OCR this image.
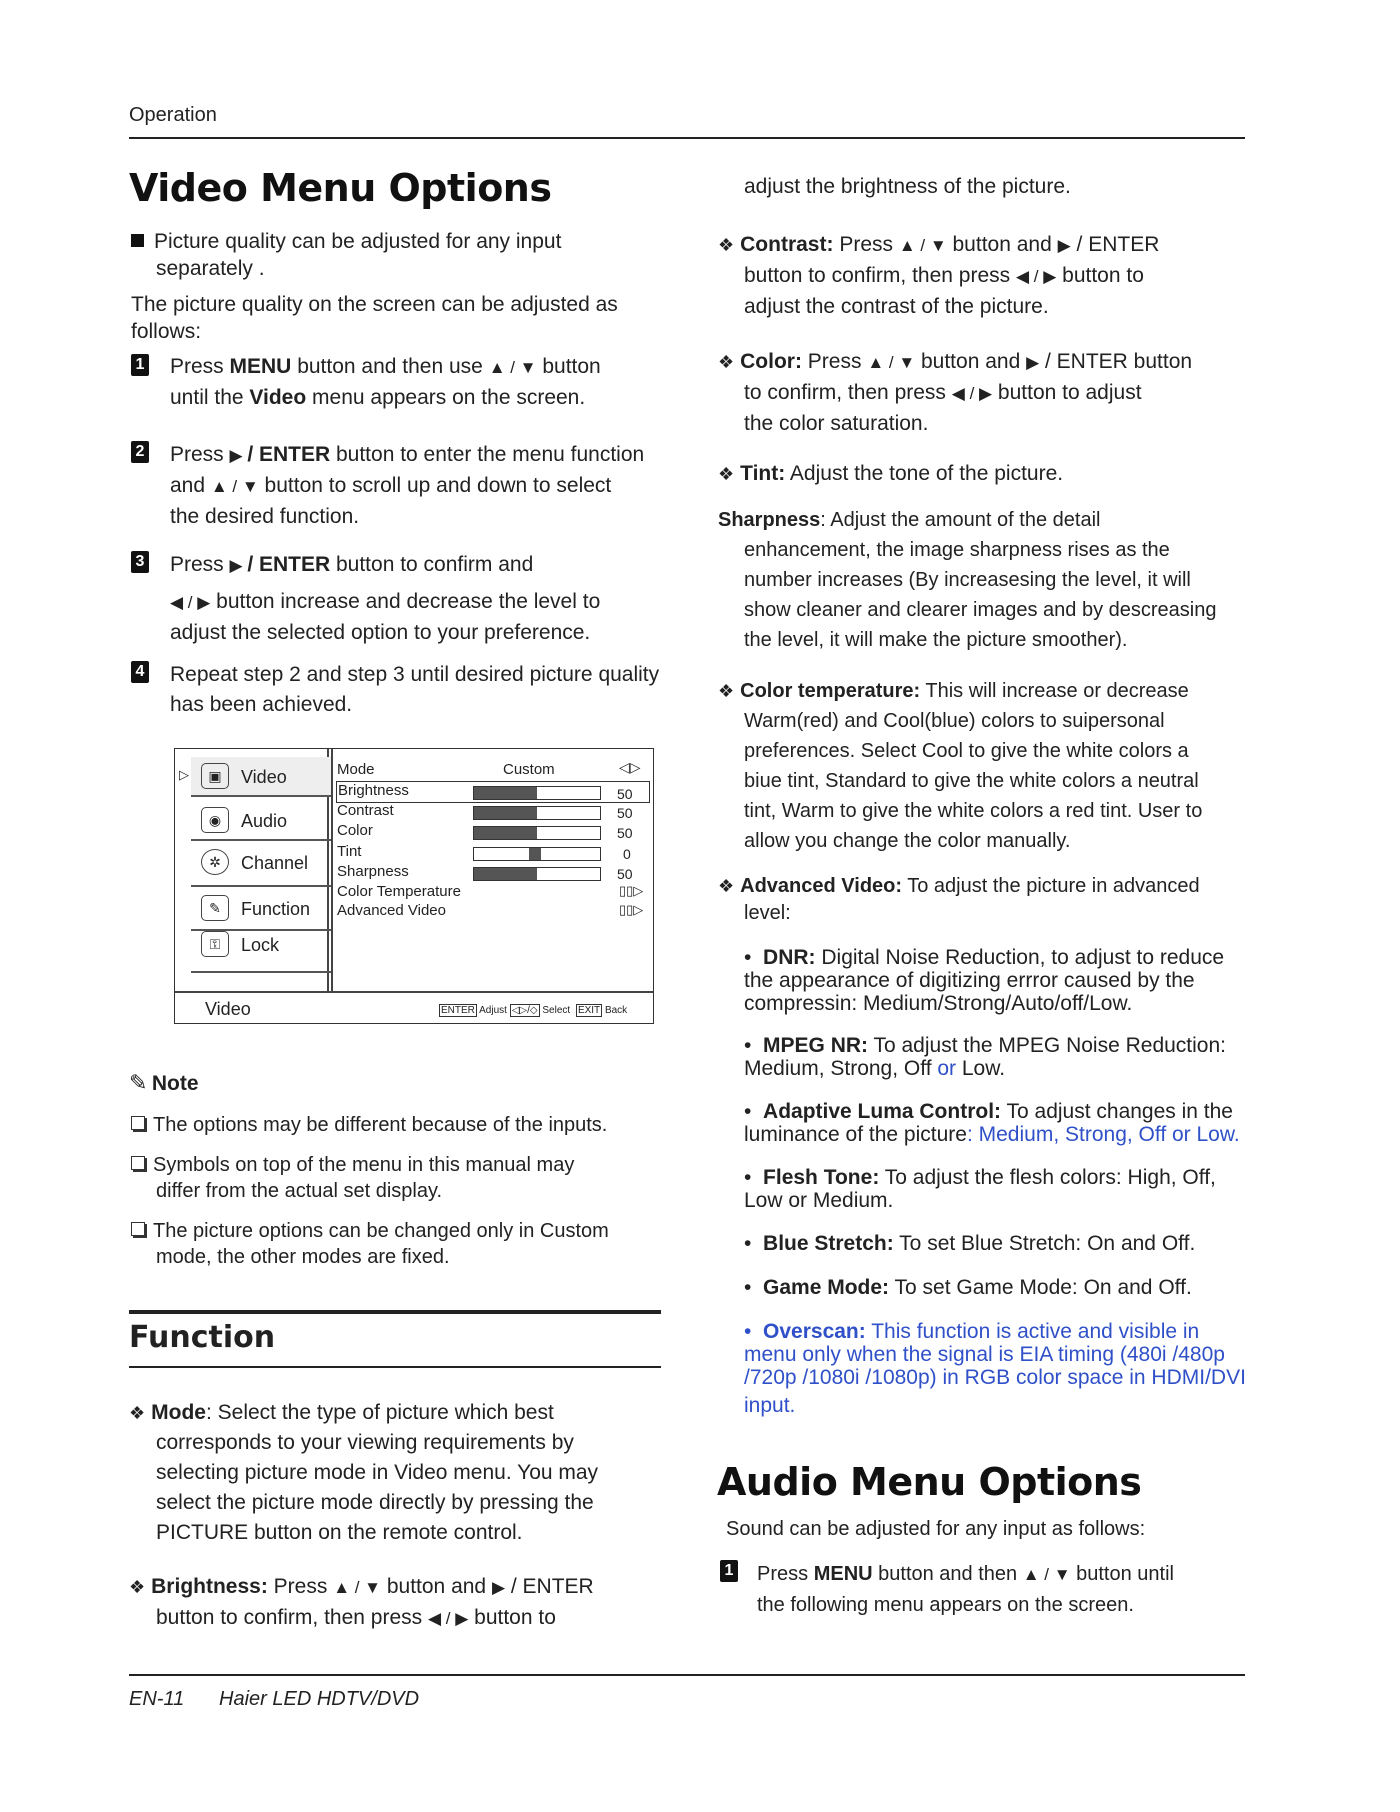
Operation
Video Menu Options
Picture quality can be adjusted for any input
separately .
The picture quality on the screen can be adjusted as
follows:
1 Press MENU button and then use ▲ / ▼ button
until the Video menu appears on the screen.
2 Press ▶ / ENTER button to enter the menu function
and ▲ / ▼ button to scroll up and down to select
the desired function.
3 Press ▶ / ENTER button to confirm and
◀ / ▶ button increase and decrease the level to
adjust the selected option to your preference.
4 Repeat step 2 and step 3 until desired picture quality
has been achieved.
▷	▣	Video
◉	Audio
✲	Channel
✎	Function
⚿	Lock
Mode	Custom	◁▷
Brightness	50
Contrast	50
Color	50
Tint	0
Sharpness	50
Color Temperature	▯▯▷
Advanced Video	▯▯▷
Video	ENTER Adjust ◁▷/◇ Select EXIT Back
✎ Note
The options may be different because of the inputs.
Symbols on top of the menu in this manual may
differ from the actual set display.
The picture options can be changed only in Custom
mode, the other modes are fixed.
Function
❖ Mode: Select the type of picture which best
corresponds to your viewing requirements by
selecting picture mode in Video menu. You may
select the picture mode directly by pressing the
PICTURE button on the remote control.
❖ Brightness: Press ▲ / ▼ button and ▶ / ENTER
button to confirm, then press ◀ / ▶ button to
adjust the brightness of the picture.
❖ Contrast: Press ▲ / ▼ button and ▶ / ENTER
button to confirm, then press ◀ / ▶ button to
adjust the contrast of the picture.
❖ Color: Press ▲ / ▼ button and ▶ / ENTER button
to confirm, then press ◀ / ▶ button to adjust
the color saturation.
❖ Tint: Adjust the tone of the picture.
Sharpness: Adjust the amount of the detail
enhancement, the image sharpness rises as the
number increases (By increasesing the level, it will
show cleaner and clearer images and by descreasing
the level, it will make the picture smoother).
❖ Color temperature: This will increase or decrease
Warm(red) and Cool(blue) colors to suipersonal
preferences. Select Cool to give the white colors a
biue tint, Standard to give the white colors a neutral
tint, Warm to give the white colors a red tint. User to
allow you change the color manually.
❖ Advanced Video: To adjust the picture in advanced
level:
•  DNR: Digital Noise Reduction, to adjust to reduce
the appearance of digitizing errror caused by the
compressin: Medium/Strong/Auto/off/Low.
•  MPEG NR: To adjust the MPEG Noise Reduction:
Medium, Strong, Off or Low.
•  Adaptive Luma Control: To adjust changes in the
luminance of the picture: Medium, Strong, Off or Low.
•  Flesh Tone: To adjust the flesh colors: High, Off,
Low or Medium.
•  Blue Stretch: To set Blue Stretch: On and Off.
•  Game Mode: To set Game Mode: On and Off.
•  Overscan: This function is active and visible in
menu only when the signal is EIA timing (480i /480p
/720p /1080i /1080p) in RGB color space in HDMI/DVI
input.
Audio Menu Options
Sound can be adjusted for any input as follows:
1 Press MENU button and then ▲ / ▼ button until
the following menu appears on the screen.
EN-11 Haier LED HDTV/DVD
